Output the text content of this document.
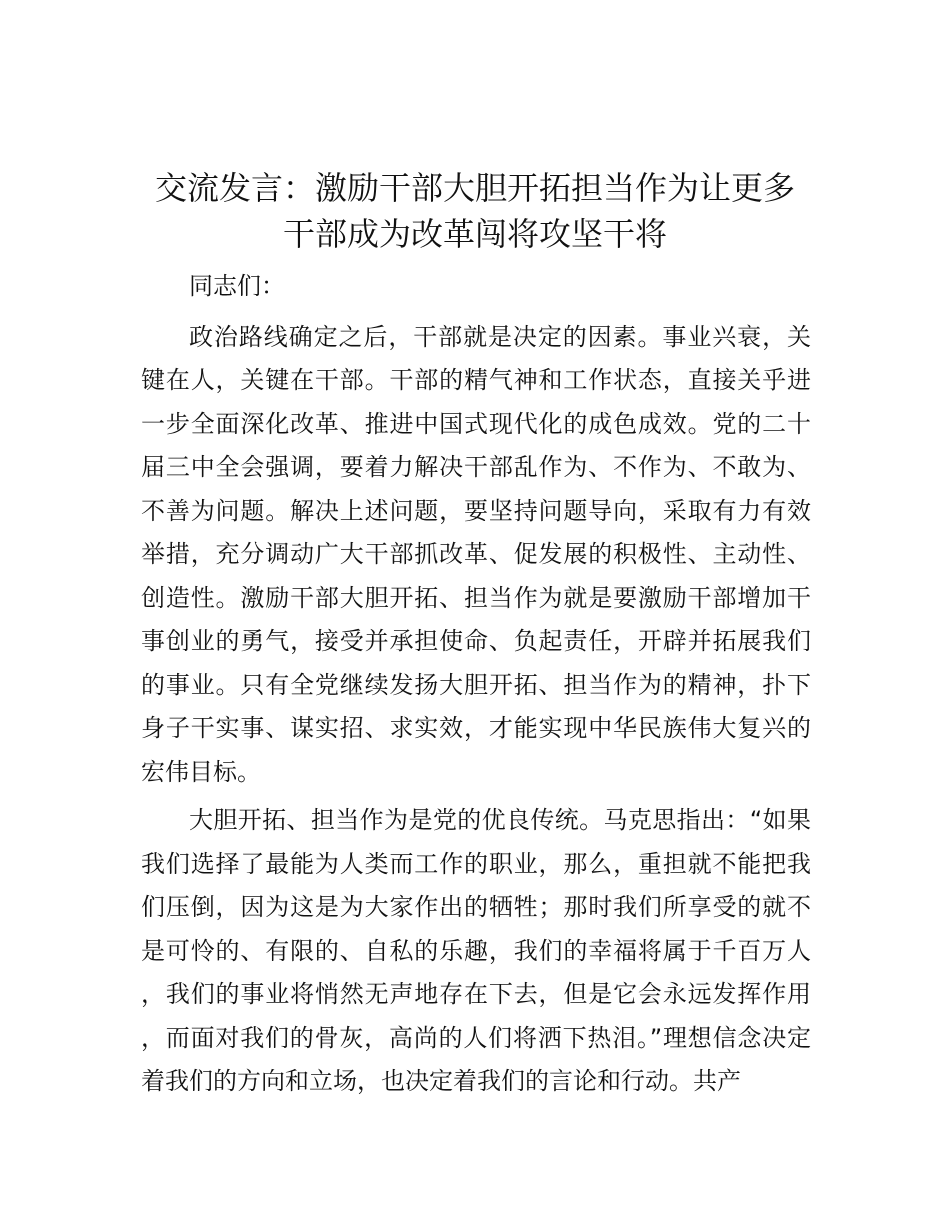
交流发言：激励干部大胆开拓担当作为让更多
干部成为改革闯将攻坚干将

同志们：

政治路线确定之后，干部就是决定的因素。事业兴衰，关键在人，关键在干部。干部的精气神和工作状态，直接关乎进一步全面深化改革、推进中国式现代化的成色成效。党的二十届三中全会强调，要着力解决干部乱作为、不作为、不敢为、不善为问题。解决上述问题，要坚持问题导向，采取有力有效举措，充分调动广大干部抓改革、促发展的积极性、主动性、创造性。激励干部大胆开拓、担当作为就是要激励干部增加干事创业的勇气，接受并承担使命、负起责任，开辟并拓展我们的事业。只有全党继续发扬大胆开拓、担当作为的精神，扑下身子干实事、谋实招、求实效，才能实现中华民族伟大复兴的宏伟目标。

大胆开拓、担当作为是党的优良传统。马克思指出：“如果我们选择了最能为人类而工作的职业，那么，重担就不能把我们压倒，因为这是为大家作出的牺牲；那时我们所享受的就不是可怜的、有限的、自私的乐趣，我们的幸福将属于千百万人，我们的事业将悄然无声地存在下去，但是它会永远发挥作用，而面对我们的骨灰，高尚的人们将洒下热泪。”理想信念决定着我们的方向和立场，也决定着我们的言论和行动。共产
